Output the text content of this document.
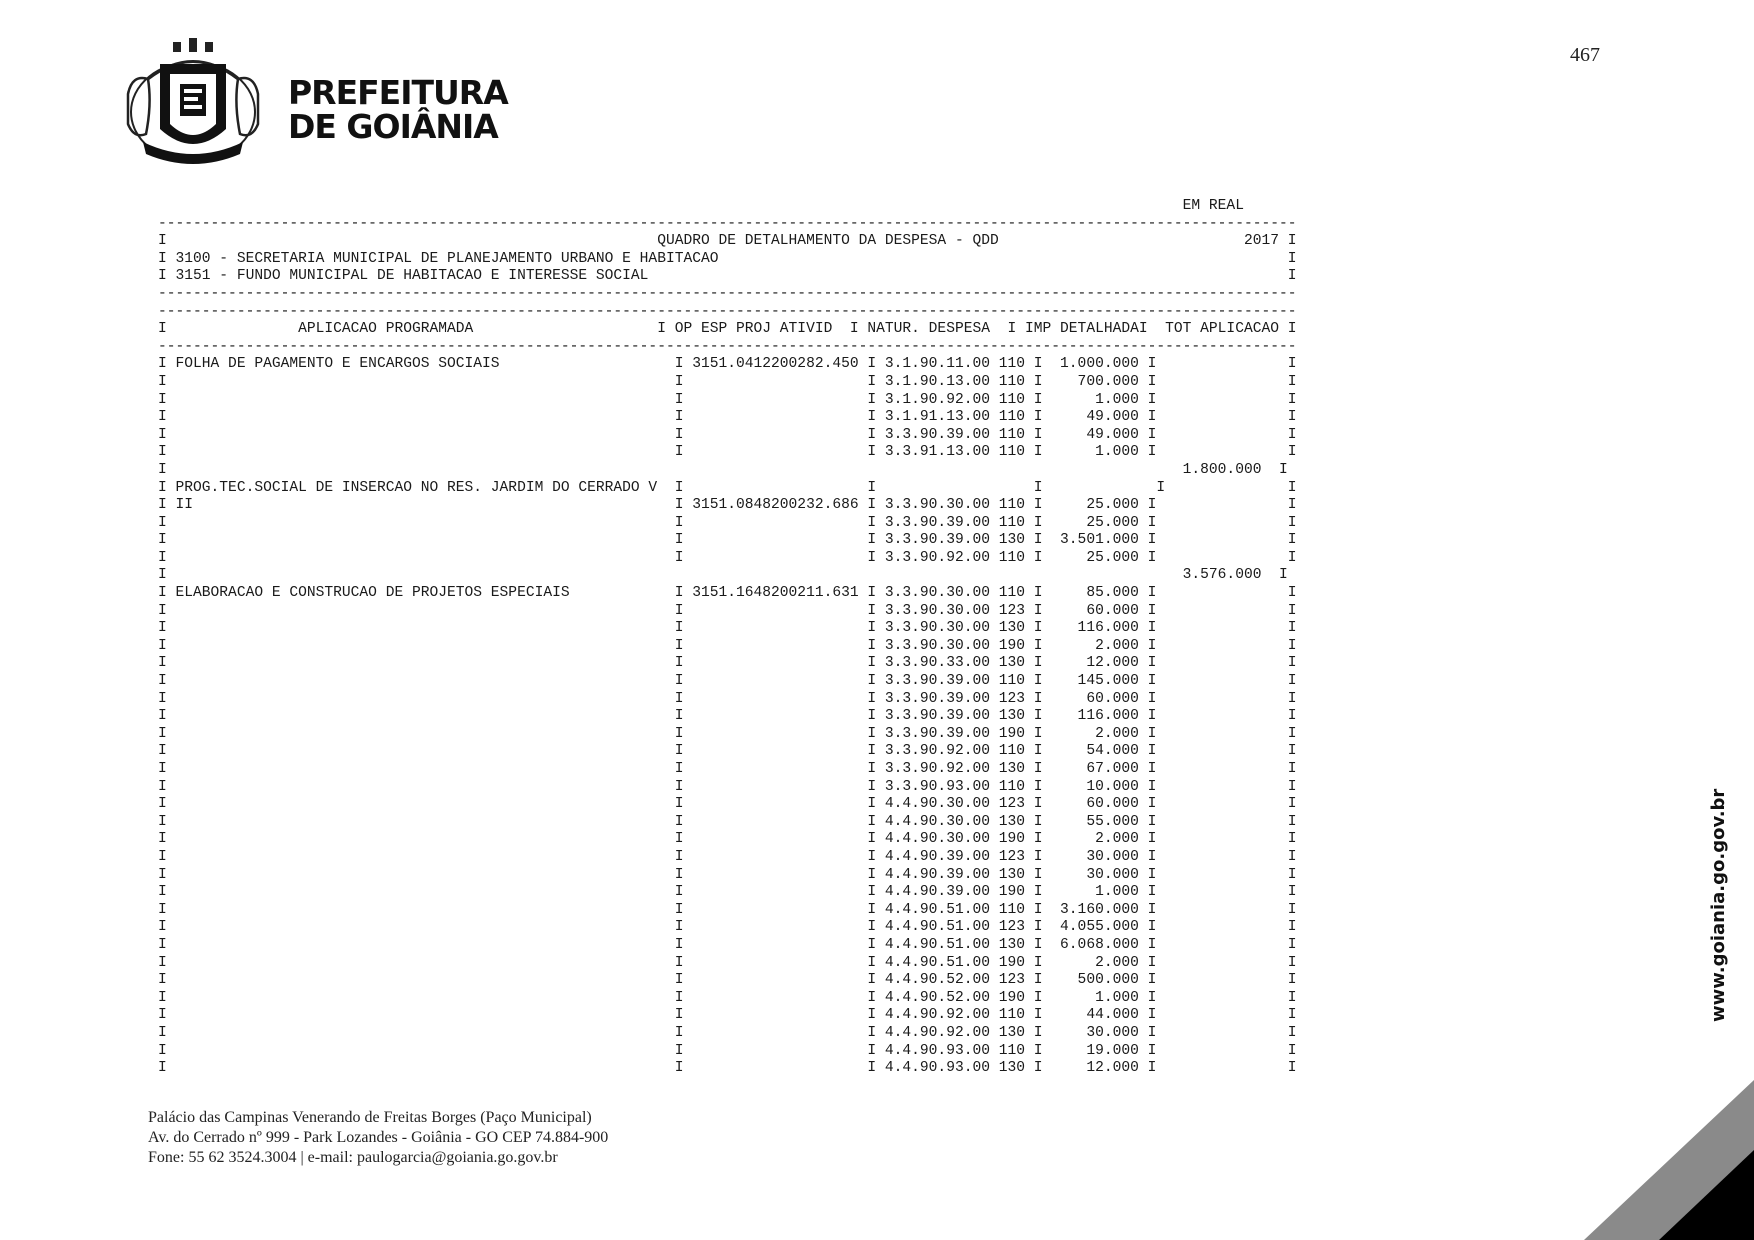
467
PREFEITURA
DE GOIÂNIA
EM REAL
----------------------------------------------------------------------------------------------------------------------------------
I                                                        QUADRO DE DETALHAMENTO DA DESPESA - QDD                            2017 I
I 3100 - SECRETARIA MUNICIPAL DE PLANEJAMENTO URBANO E HABITACAO                                                                 I
I 3151 - FUNDO MUNICIPAL DE HABITACAO E INTERESSE SOCIAL                                                                         I
----------------------------------------------------------------------------------------------------------------------------------
----------------------------------------------------------------------------------------------------------------------------------
I               APLICACAO PROGRAMADA                     I OP ESP PROJ ATIVID  I NATUR. DESPESA  I IMP DETALHADAI  TOT APLICACAO I
----------------------------------------------------------------------------------------------------------------------------------
I FOLHA DE PAGAMENTO E ENCARGOS SOCIAIS                    I 3151.0412200282.450 I 3.1.90.11.00 110 I  1.000.000 I               I
I                                                          I                     I 3.1.90.13.00 110 I    700.000 I               I
I                                                          I                     I 3.1.90.92.00 110 I      1.000 I               I
I                                                          I                     I 3.1.91.13.00 110 I     49.000 I               I
I                                                          I                     I 3.3.90.39.00 110 I     49.000 I               I
I                                                          I                     I 3.3.91.13.00 110 I      1.000 I               I
I                                                                                                                    1.800.000  I
I PROG.TEC.SOCIAL DE INSERCAO NO RES. JARDIM DO CERRADO V  I                     I                  I             I              I
I II                                                       I 3151.0848200232.686 I 3.3.90.30.00 110 I     25.000 I               I
I                                                          I                     I 3.3.90.39.00 110 I     25.000 I               I
I                                                          I                     I 3.3.90.39.00 130 I  3.501.000 I               I
I                                                          I                     I 3.3.90.92.00 110 I     25.000 I               I
I                                                                                                                    3.576.000  I
I ELABORACAO E CONSTRUCAO DE PROJETOS ESPECIAIS            I 3151.1648200211.631 I 3.3.90.30.00 110 I     85.000 I               I
I                                                          I                     I 3.3.90.30.00 123 I     60.000 I               I
I                                                          I                     I 3.3.90.30.00 130 I    116.000 I               I
I                                                          I                     I 3.3.90.30.00 190 I      2.000 I               I
I                                                          I                     I 3.3.90.33.00 130 I     12.000 I               I
I                                                          I                     I 3.3.90.39.00 110 I    145.000 I               I
I                                                          I                     I 3.3.90.39.00 123 I     60.000 I               I
I                                                          I                     I 3.3.90.39.00 130 I    116.000 I               I
I                                                          I                     I 3.3.90.39.00 190 I      2.000 I               I
I                                                          I                     I 3.3.90.92.00 110 I     54.000 I               I
I                                                          I                     I 3.3.90.92.00 130 I     67.000 I               I
I                                                          I                     I 3.3.90.93.00 110 I     10.000 I               I
I                                                          I                     I 4.4.90.30.00 123 I     60.000 I               I
I                                                          I                     I 4.4.90.30.00 130 I     55.000 I               I
I                                                          I                     I 4.4.90.30.00 190 I      2.000 I               I
I                                                          I                     I 4.4.90.39.00 123 I     30.000 I               I
I                                                          I                     I 4.4.90.39.00 130 I     30.000 I               I
I                                                          I                     I 4.4.90.39.00 190 I      1.000 I               I
I                                                          I                     I 4.4.90.51.00 110 I  3.160.000 I               I
I                                                          I                     I 4.4.90.51.00 123 I  4.055.000 I               I
I                                                          I                     I 4.4.90.51.00 130 I  6.068.000 I               I
I                                                          I                     I 4.4.90.51.00 190 I      2.000 I               I
I                                                          I                     I 4.4.90.52.00 123 I    500.000 I               I
I                                                          I                     I 4.4.90.52.00 190 I      1.000 I               I
I                                                          I                     I 4.4.90.92.00 110 I     44.000 I               I
I                                                          I                     I 4.4.90.92.00 130 I     30.000 I               I
I                                                          I                     I 4.4.90.93.00 110 I     19.000 I               I
I                                                          I                     I 4.4.90.93.00 130 I     12.000 I               I
Palácio das Campinas Venerando de Freitas Borges (Paço Municipal)
Av. do Cerrado nº 999 - Park Lozandes - Goiânia - GO CEP 74.884-900
Fone: 55 62 3524.3004 | e-mail: paulogarcia@goiania.go.gov.br
www.goiania.go.gov.br
